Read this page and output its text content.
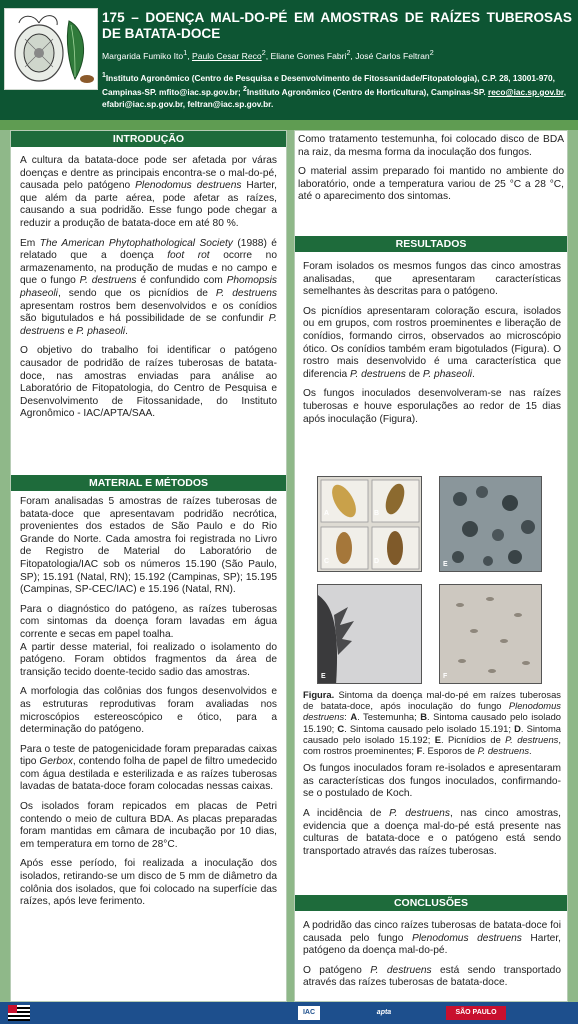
175 – DOENÇA MAL-DO-PÉ EM AMOSTRAS DE RAÍZES TUBEROSAS DE BATATA-DOCE
Margarida Fumiko Ito$^1$, Paulo Cesar Reco$^2$, Eliane Gomes Fabri$^2$, José Carlos Feltran$^2$
$^1$Instituto Agronômico (Centro de Pesquisa e Desenvolvimento de Fitossanidade/Fitopatologia), C.P. 28, 13001-970, Campinas-SP. mfito@iac.sp.gov.br; $^2$Instituto Agronômico (Centro de Horticultura), Campinas-SP. reco@iac.sp.gov.br, efabri@iac.sp.gov.br, feltran@iac.sp.gov.br.
INTRODUÇÃO

A cultura da batata-doce pode ser afetada por váras doenças e dentre as principais encontra-se o mal-do-pé, causada pelo patógeno Plenodomus destruens Harter, que além da parte aérea, pode afetar as raízes, causando a sua podridão. Esse fungo pode chegar a reduzir a produção de batata-doce em até 80 %.

Em The American Phytophathological Society (1988) é relatado que a doença foot rot ocorre no armazenamento, na produção de mudas e no campo e que o fungo P. destruens é confundido com Phomopsis phaseoli, sendo que os picnídios de P. destruens apresentam rostros bem desenvolvidos e os conídios são bigutulados e há possibilidade de se confundir P. destruens e P. phaseoli.

O objetivo do trabalho foi identificar o patógeno causador de podridão de raízes tuberosas de batata-doce, nas amostras enviadas para análise ao Laboratório de Fitopatologia, do Centro de Pesquisa e Desenvolvimento de Fitossanidade, do Instituto Agronômico - IAC/APTA/SAA.

MATERIAL E MÉTODOS

Foram analisadas 5 amostras de raízes tuberosas de batata-doce que apresentavam podridão necrótica, provenientes dos estados de São Paulo e do Rio Grande do Norte. Cada amostra foi registrada no Livro de Registro de Material do Laboratório de Fitopatologia/IAC sob os números 15.190 (São Paulo, SP); 15.191 (Natal, RN); 15.192 (Campinas, SP); 15.195 (Campinas, SP-CEC/IAC) e 15.196 (Natal, RN).

Para o diagnóstico do patógeno, as raízes tuberosas com sintomas da doença foram lavadas em água corrente e secas em papel toalha.

A partir desse material, foi realizado o isolamento do patógeno. Foram obtidos fragmentos da área de transição tecido doente-tecido sadio das amostras.

A morfologia das colônias dos fungos desenvolvidos e as estruturas reprodutivas foram avaliadas nos microscópios estereoscópico e ótico, para a determinação do patógeno.

Para o teste de patogenicidade foram preparadas caixas tipo Gerbox, contendo folha de papel de filtro umedecido com água destilada e esterilizada e as raízes tuberosas lavadas de batata-doce foram colocadas nessas caixas.

Os isolados foram repicados em placas de Petri contendo o meio de cultura BDA. As placas preparadas foram mantidas em câmara de incubação por 10 dias, em temperatura em torno de 28°C.

Após esse período, foi realizada a inoculação dos isolados, retirando-se um disco de 5 mm de diâmetro da colônia dos isolados, que foi colocado na superfície das raízes, após leve ferimento.

Como tratamento testemunha, foi colocado disco de BDA na raiz, da mesma forma da inoculação dos fungos.

O material assim preparado foi mantido no ambiente do laboratório, onde a temperatura variou de 25 °C a 28 °C, até o aparecimento dos sintomas.

RESULTADOS

Foram isolados os mesmos fungos das cinco amostras analisadas, que apresentaram características semelhantes às descritas para o patógeno.

Os picnídios apresentaram coloração escura, isolados ou em grupos, com rostros proeminentes e liberação de conídios, formando cirros, observados ao microscópio ótico. Os conídios também eram bigotulados (Figura). O rostro mais desenvolvido é uma característica que diferencia P. destruens de P. phaseoli.

Os fungos inoculados desenvolveram-se nas raízes tuberosas e houve esporulações ao redor de 15 dias após inoculação (Figura).

A	B
C	D	E
E	F

Figura. Sintoma da doença mal-do-pé em raízes tuberosas de batata-doce, após inoculação do fungo Plenodomus destruens: A. Testemunha; B. Sintoma causado pelo isolado 15.190; C. Sintoma causado pelo isolado 15.191; D. Sintoma causado pelo isolado 15.192; E. Picnídios de P. destruens, com rostros proeminentes; F. Esporos de P. destruens.

Os fungos inoculados foram re-isolados e apresentaram as características dos fungos inoculados, confirmando-se o postulado de Koch.

A incidência de P. destruens, nas cinco amostras, evidencia que a doença mal-do-pé está presente nas culturas de batata-doce e o patógeno está sendo transportado através das raízes tuberosas.

CONCLUSÕES

A podridão das cinco raízes tuberosas de batata-doce foi causada pelo fungo Plenodomus destruens Harter, patógeno da doença mal-do-pé.

O patógeno P. destruens está sendo transportado através das raízes tuberosas de batata-doce.

IAC	apta	SÃO PAULO
